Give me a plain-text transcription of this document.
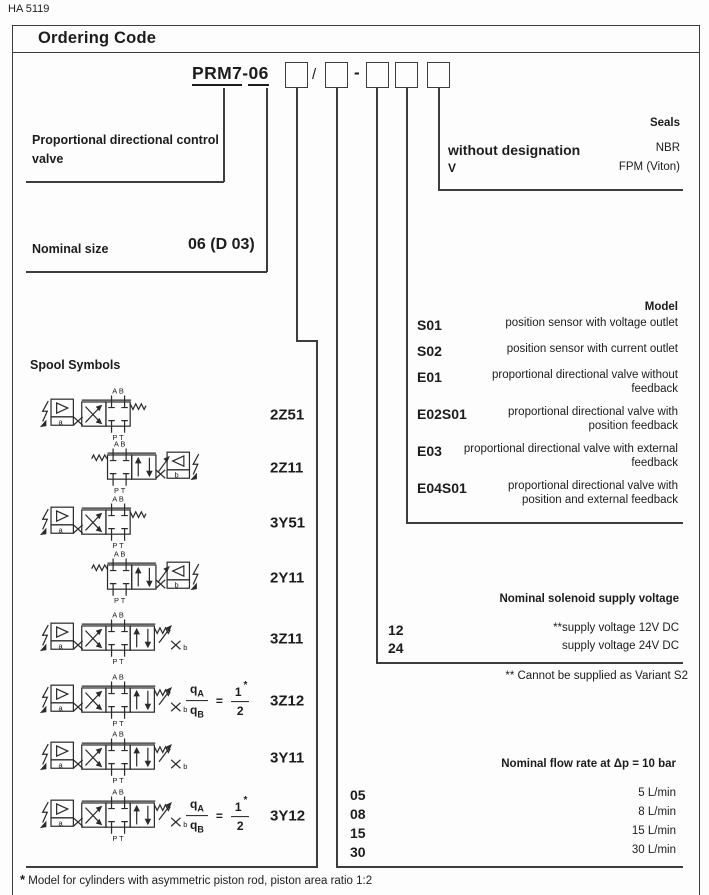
HA 5119
Ordering Code
PRM7-06	/ -
Proportional directional control valve
Nominal size	06 (D 03)
Spool Symbols
Seals
without designation	NBR
V	FPM (Viton)
Model
S01	position sensor with voltage outlet
S02	position sensor with current outlet
E01	proportional directional valve without feedback
E02S01	proportional directional valve with position feedback
E03	proportional directional valve with external feedback
E04S01	proportional directional valve with position and external feedback
Nominal solenoid supply voltage
12	**supply voltage 12V DC
24	supply voltage 24V DC
** Cannot be supplied as Variant S2
Nominal flow rate at Δp = 10 bar
05	5 L/min
08	8 L/min
15	15 L/min
30	30 L/min
a
A B
P T
2Z51
A B
P T
b	2Z11
a
A B
P T
3Y51
A B
P T
b	2Y11
a
A B
P T
b
3Z11
a
A B
P T
b
$\frac{q_A}{q_B} = \frac{1 ^*}{2} 3Z12$
a
A B
P T
b
3Y11
a
A B
P T
b
$\frac{q_A}{q_B} = \frac{1 ^*}{2} 3Y12$
* Model for cylinders with asymmetric piston rod, piston area ratio 1:2
